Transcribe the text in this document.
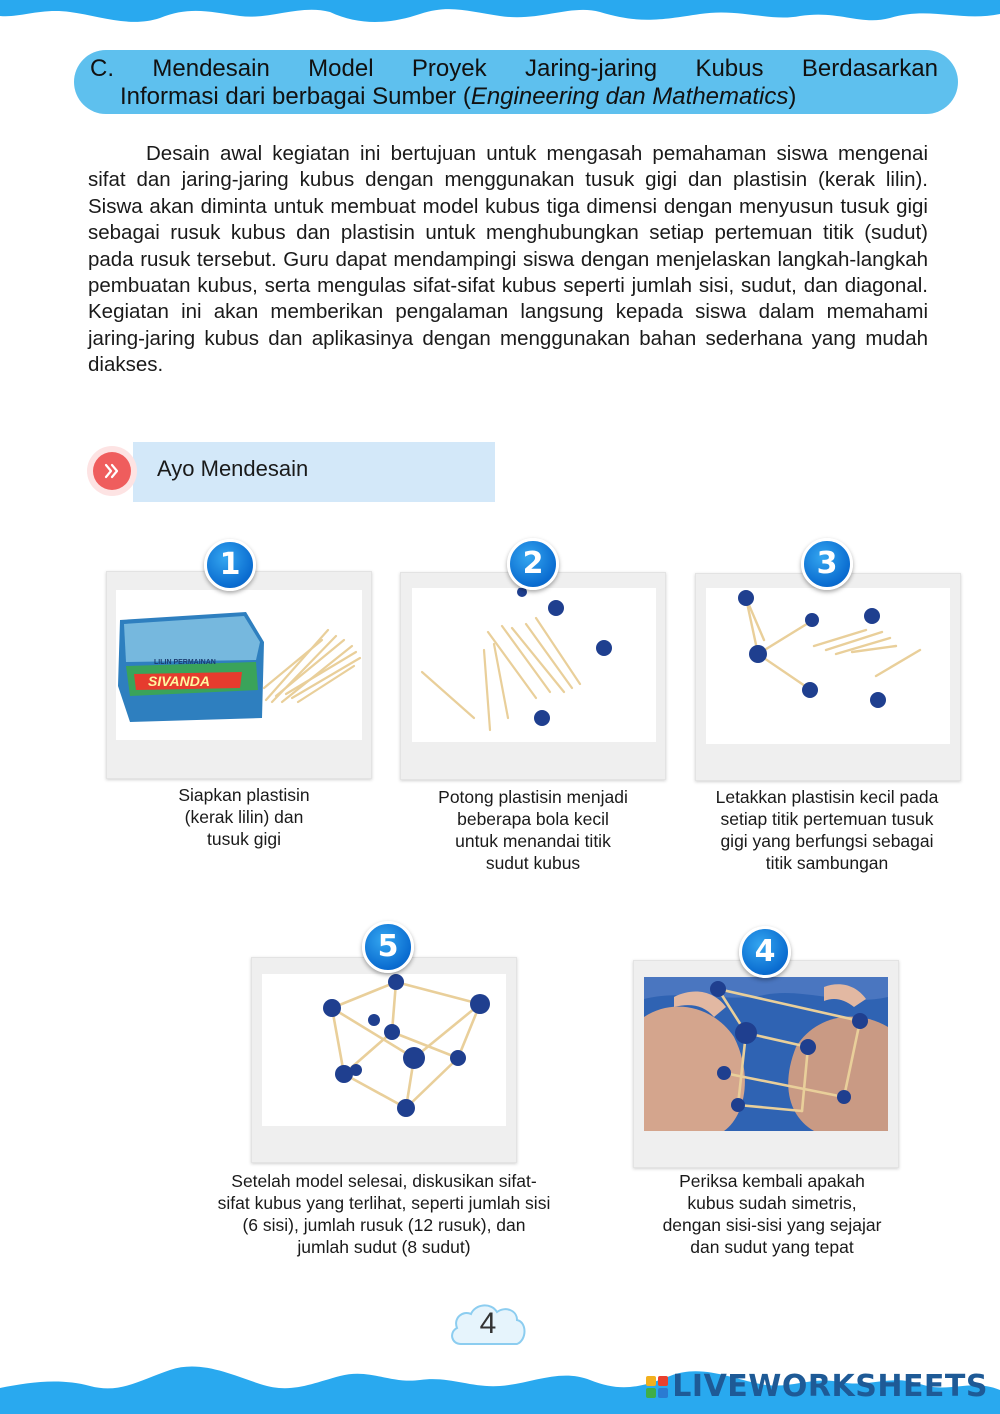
C. Mendesain Model Proyek Jaring-jaring Kubus Berdasarkan
Informasi dari berbagai Sumber (Engineering dan Mathematics)

Desain awal kegiatan ini bertujuan untuk mengasah pemahaman siswa mengenai sifat dan jaring-jaring kubus dengan menggunakan tusuk gigi dan plastisin (kerak lilin). Siswa akan diminta untuk membuat model kubus tiga dimensi dengan menyusun tusuk gigi sebagai rusuk kubus dan plastisin untuk menghubungkan setiap pertemuan titik (sudut) pada rusuk tersebut. Guru dapat mendampingi siswa dengan menjelaskan langkah-langkah pembuatan kubus, serta mengulas sifat-sifat kubus seperti jumlah sisi, sudut, dan diagonal. Kegiatan ini akan memberikan pengalaman langsung kepada siswa dalam memahami jaring-jaring kubus dan aplikasinya dengan menggunakan bahan sederhana yang mudah diakses.

Ayo Mendesain
LILIN PERMAINAN
SIVANDA
1
Siapkan plastisin
(kerak lilin) dan
tusuk gigi
2
Potong plastisin menjadi
beberapa bola kecil
untuk menandai titik
sudut kubus
3
Letakkan plastisin kecil pada
setiap titik pertemuan tusuk
gigi yang berfungsi sebagai
titik sambungan
5
Setelah model selesai, diskusikan sifat-
sifat kubus yang terlihat, seperti jumlah sisi
(6 sisi), jumlah rusuk (12 rusuk), dan
jumlah sudut (8 sudut)
4
Periksa kembali apakah
kubus sudah simetris,
dengan sisi-sisi yang sejajar
dan sudut yang tepat
4
LIVEWORKSHEETS
